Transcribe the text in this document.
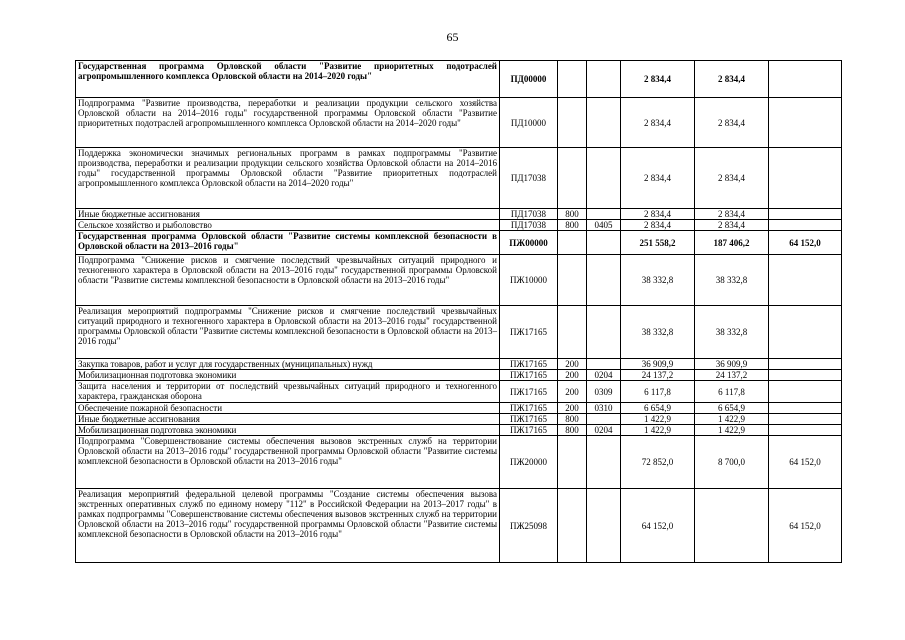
65
Государственная программа Орловской области "Развитие приоритетных подотраслей агропромышленного комплекса Орловской области на 2014–2020 годы"	ПД00000			2 834,4	2 834,4	
Подпрограмма "Развитие производства, переработки и реализации продукции сельского хозяйства Орловской области на 2014–2016 годы" государственной программы Орловской области "Развитие приоритетных подотраслей агропромышленного комплекса Орловской области на 2014–2020 годы"	ПД10000			2 834,4	2 834,4	
Поддержка экономически значимых региональных программ в рамках подпрограммы "Развитие производства, переработки и реализации продукции сельского хозяйства Орловской области на 2014–2016 годы" государственной программы Орловской области "Развитие приоритетных подотраслей агропромышленного комплекса Орловской области на 2014–2020 годы"	ПД17038			2 834,4	2 834,4	
Иные бюджетные ассигнования	ПД17038	800		2 834,4	2 834,4	
Сельское хозяйство и рыболовство	ПД17038	800	0405	2 834,4	2 834,4	
Государственная программа Орловской области "Развитие системы комплексной безопасности в Орловской области на 2013–2016 годы"	ПЖ00000			251 558,2	187 406,2	64 152,0
Подпрограмма "Снижение рисков и смягчение последствий чрезвычайных ситуаций природного и техногенного характера в Орловской области на 2013–2016 годы" государственной программы Орловской области "Развитие системы комплексной безопасности в Орловской области на 2013–2016 годы"	ПЖ10000			38 332,8	38 332,8	
Реализация мероприятий подпрограммы "Снижение рисков и смягчение последствий чрезвычайных ситуаций природного и техногенного характера в Орловской области на 2013–2016 годы" государственной программы Орловской области "Развитие системы комплексной безопасности в Орловской области на 2013–2016 годы"	ПЖ17165			38 332,8	38 332,8	
Закупка товаров, работ и услуг для государственных (муниципальных) нужд	ПЖ17165	200		36 909,9	36 909,9	
Мобилизационная подготовка экономики	ПЖ17165	200	0204	24 137,2	24 137,2	
Защита населения и территории от последствий чрезвычайных ситуаций природного и техногенного характера, гражданская оборона	ПЖ17165	200	0309	6 117,8	6 117,8	
Обеспечение пожарной безопасности	ПЖ17165	200	0310	6 654,9	6 654,9	
Иные бюджетные ассигнования	ПЖ17165	800		1 422,9	1 422,9	
Мобилизационная подготовка экономики	ПЖ17165	800	0204	1 422,9	1 422,9	
Подпрограмма "Совершенствование системы обеспечения вызовов экстренных служб на территории Орловской области на 2013–2016 годы" государственной программы Орловской области "Развитие системы комплексной безопасности в Орловской области на 2013–2016 годы"	ПЖ20000			72 852,0	8 700,0	64 152,0
Реализация мероприятий федеральной целевой программы "Создание системы обеспечения вызова экстренных оперативных служб по единому номеру "112" в Российской Федерации на 2013–2017 годы" в рамках подпрограммы "Совершенствование системы обеспечения вызовов экстренных служб на территории Орловской области на 2013–2016 годы" государственной программы Орловской области "Развитие системы комплексной безопасности в Орловской области на 2013–2016 годы"	ПЖ25098			64 152,0		64 152,0
